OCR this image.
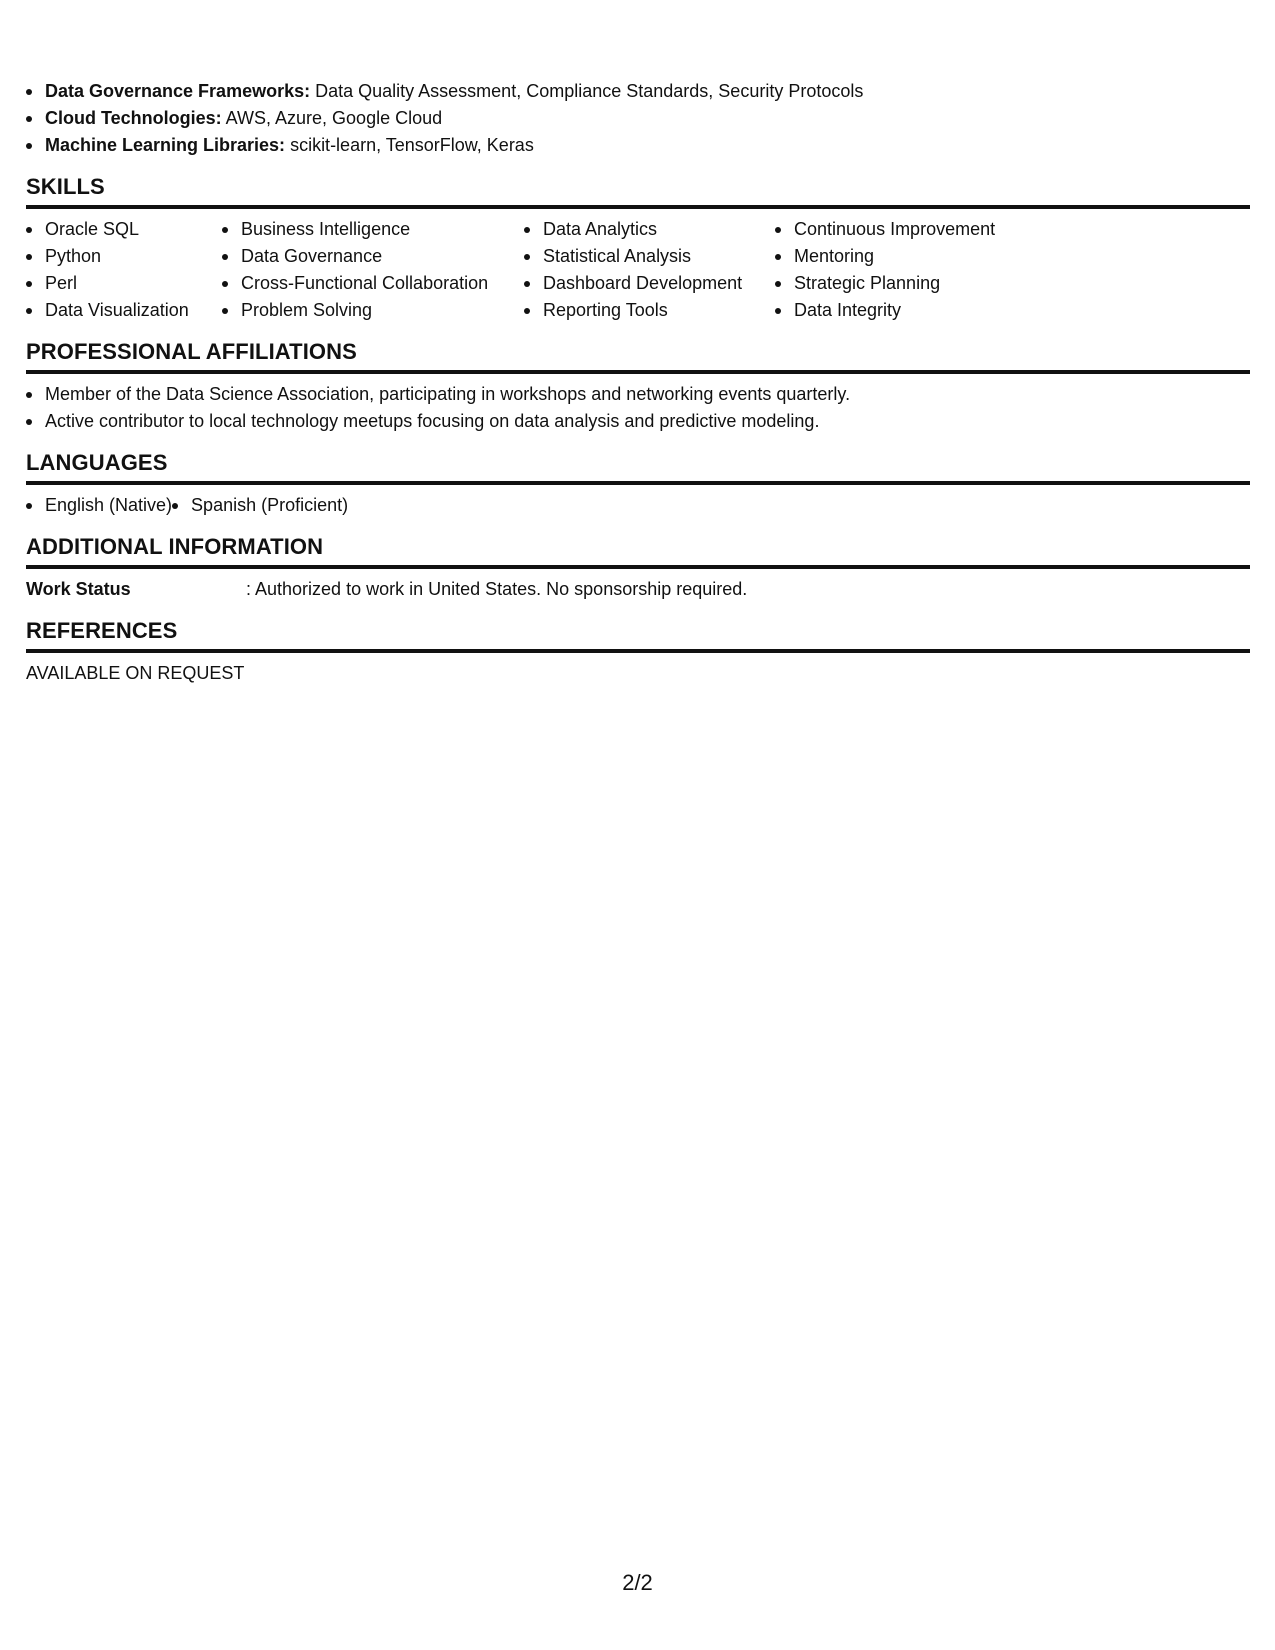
Data Governance Frameworks: Data Quality Assessment, Compliance Standards, Security Protocols
Cloud Technologies: AWS, Azure, Google Cloud
Machine Learning Libraries: scikit-learn, TensorFlow, Keras
SKILLS
Oracle SQL
Python
Perl
Data Visualization
Business Intelligence
Data Governance
Cross-Functional Collaboration
Problem Solving
Data Analytics
Statistical Analysis
Dashboard Development
Reporting Tools
Continuous Improvement
Mentoring
Strategic Planning
Data Integrity
PROFESSIONAL AFFILIATIONS
Member of the Data Science Association, participating in workshops and networking events quarterly.
Active contributor to local technology meetups focusing on data analysis and predictive modeling.
LANGUAGES
English (Native)	Spanish (Proficient)
ADDITIONAL INFORMATION
Work Status	: Authorized to work in United States. No sponsorship required.
REFERENCES
AVAILABLE ON REQUEST
2/2
